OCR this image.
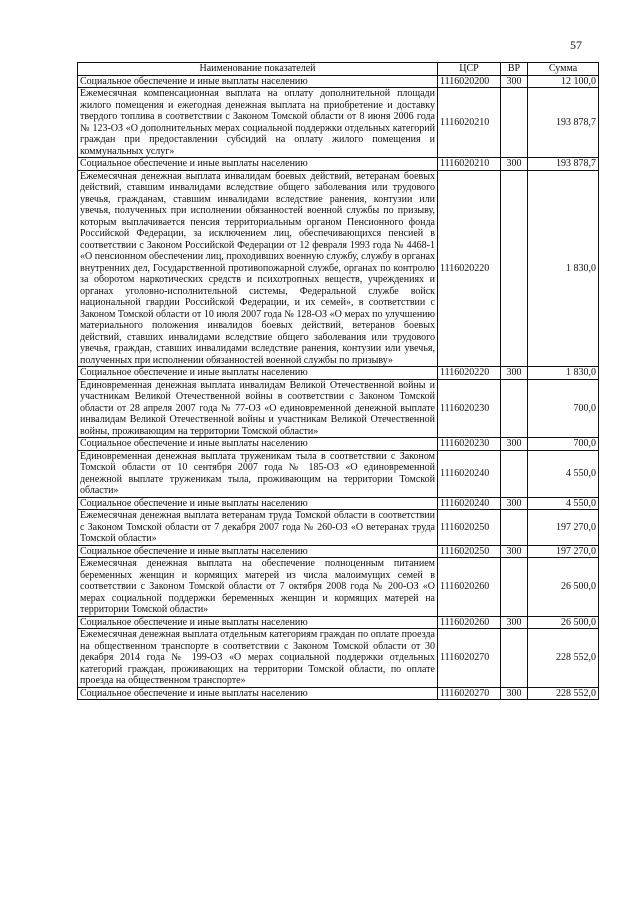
57
Наименование показателей	ЦСР	ВР	Сумма
Социальное обеспечение и иные выплаты населению	1116020200	300	12 100,0
Ежемесячная компенсационная выплата на оплату дополнительной площади жилого помещения и ежегодная денежная выплата на приобретение и доставку твердого топлива в соответствии с Законом Томской области от 8 июня 2006 года № 123-ОЗ «О дополнительных мерах социальной поддержки отдельных категорий граждан при предоставлении субсидий на оплату жилого помещения и коммунальных услуг»	1116020210		193 878,7
Социальное обеспечение и иные выплаты населению	1116020210	300	193 878,7
Ежемесячная денежная выплата инвалидам боевых действий, ветеранам боевых действий, ставшим инвалидами вследствие общего заболевания или трудового увечья, гражданам, ставшим инвалидами вследствие ранения, контузии или увечья, полученных при исполнении обязанностей военной службы по призыву, которым выплачивается пенсия территориальным органом Пенсионного фонда Российской Федерации, за исключением лиц, обеспечивающихся пенсией в соответствии с Законом Российской Федерации от 12 февраля 1993 года № 4468-1 «О пенсионном обеспечении лиц, проходивших военную службу, службу в органах внутренних дел, Государственной противопожарной службе, органах по контролю за оборотом наркотических средств и психотропных веществ, учреждениях и органах уголовно-исполнительной системы, Федеральной службе войск национальной гвардии Российской Федерации, и их семей», в соответствии с Законом Томской области от 10 июля 2007 года № 128-ОЗ «О мерах по улучшению материального положения инвалидов боевых действий, ветеранов боевых действий, ставших инвалидами вследствие общего заболевания или трудового увечья, граждан, ставших инвалидами вследствие ранения, контузии или увечья, полученных при исполнении обязанностей военной службы по призыву»	1116020220		1 830,0
Социальное обеспечение и иные выплаты населению	1116020220	300	1 830,0
Единовременная денежная выплата инвалидам Великой Отечественной войны и участникам Великой Отечественной войны в соответствии с Законом Томской области от 28 апреля 2007 года № 77-ОЗ «О единовременной денежной выплате инвалидам Великой Отечественной войны и участникам Великой Отечественной войны, проживающим на территории Томской области»	1116020230		700,0
Социальное обеспечение и иные выплаты населению	1116020230	300	700,0
Единовременная денежная выплата труженикам тыла в соответствии с Законом Томской области от 10 сентября 2007 года № 185-ОЗ «О единовременной денежной выплате труженикам тыла, проживающим на территории Томской области»	1116020240		4 550,0
Социальное обеспечение и иные выплаты населению	1116020240	300	4 550,0
Ежемесячная денежная выплата ветеранам труда Томской области в соответствии с Законом Томской области от 7 декабря 2007 года № 260-ОЗ «О ветеранах труда Томской области»	1116020250		197 270,0
Социальное обеспечение и иные выплаты населению	1116020250	300	197 270,0
Ежемесячная денежная выплата на обеспечение полноценным питанием беременных женщин и кормящих матерей из числа малоимущих семей в соответствии с Законом Томской области от 7 октября 2008 года № 200-ОЗ «О мерах социальной поддержки беременных женщин и кормящих матерей на территории Томской области»	1116020260		26 500,0
Социальное обеспечение и иные выплаты населению	1116020260	300	26 500,0
Ежемесячная денежная выплата отдельным категориям граждан по оплате проезда на общественном транспорте в соответствии с Законом Томской области от 30 декабря 2014 года № 199-ОЗ «О мерах социальной поддержки отдельных категорий граждан, проживающих на территории Томской области, по оплате проезда на общественном транспорте»	1116020270		228 552,0
Социальное обеспечение и иные выплаты населению	1116020270	300	228 552,0
